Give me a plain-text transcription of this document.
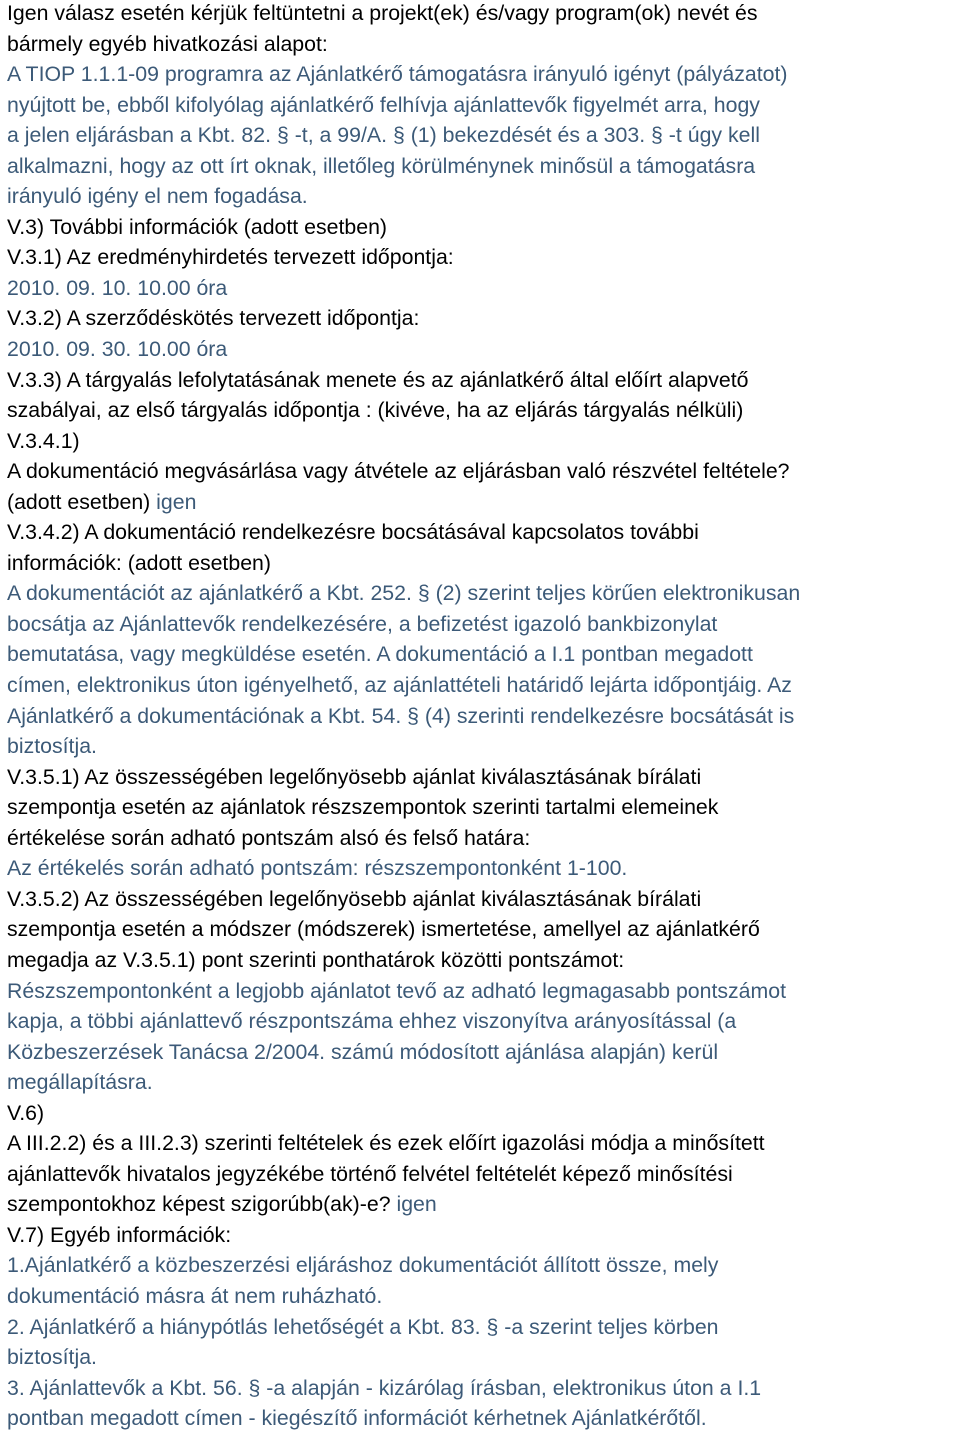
Igen válasz esetén kérjük feltüntetni a projekt(ek) és/vagy program(ok) nevét és
bármely egyéb hivatkozási alapot:
A TIOP 1.1.1-09 programra az Ajánlatkérő támogatásra irányuló igényt (pályázatot)
nyújtott be, ebből kifolyólag ajánlatkérő felhívja ajánlattevők figyelmét arra, hogy
a jelen eljárásban a Kbt. 82. § -t, a 99/A. § (1) bekezdését és a 303. § -t úgy kell
alkalmazni, hogy az ott írt oknak, illetőleg körülménynek minősül a támogatásra
irányuló igény el nem fogadása.
V.3) További információk (adott esetben)
V.3.1) Az eredményhirdetés tervezett időpontja:
2010. 09. 10. 10.00 óra
V.3.2) A szerződéskötés tervezett időpontja:
2010. 09. 30. 10.00 óra
V.3.3) A tárgyalás lefolytatásának menete és az ajánlatkérő által előírt alapvető
szabályai, az első tárgyalás időpontja : (kivéve, ha az eljárás tárgyalás nélküli)
V.3.4.1)
A dokumentáció megvásárlása vagy átvétele az eljárásban való részvétel feltétele?
(adott esetben) igen
V.3.4.2) A dokumentáció rendelkezésre bocsátásával kapcsolatos további
információk: (adott esetben)
A dokumentációt az ajánlatkérő a Kbt. 252. § (2) szerint teljes körűen elektronikusan
bocsátja az Ajánlattevők rendelkezésére, a befizetést igazoló bankbizonylat
bemutatása, vagy megküldése esetén. A dokumentáció a I.1 pontban megadott
címen, elektronikus úton igényelhető, az ajánlattételi határidő lejárta időpontjáig. Az
Ajánlatkérő a dokumentációnak a Kbt. 54. § (4) szerinti rendelkezésre bocsátását is
biztosítja.
V.3.5.1) Az összességében legelőnyösebb ajánlat kiválasztásának bírálati
szempontja esetén az ajánlatok részszempontok szerinti tartalmi elemeinek
értékelése során adható pontszám alsó és felső határa:
Az értékelés során adható pontszám: részszempontonként 1-100.
V.3.5.2) Az összességében legelőnyösebb ajánlat kiválasztásának bírálati
szempontja esetén a módszer (módszerek) ismertetése, amellyel az ajánlatkérő
megadja az V.3.5.1) pont szerinti ponthatárok közötti pontszámot:
Részszempontonként a legjobb ajánlatot tevő az adható legmagasabb pontszámot
kapja, a többi ajánlattevő részpontszáma ehhez viszonyítva arányosítással (a
Közbeszerzések Tanácsa 2/2004. számú módosított ajánlása alapján) kerül
megállapításra.
V.6)
A III.2.2) és a III.2.3) szerinti feltételek és ezek előírt igazolási módja a minősített
ajánlattevők hivatalos jegyzékébe történő felvétel feltételét képező minősítési
szempontokhoz képest szigorúbb(ak)-e? igen
V.7) Egyéb információk:
1.Ajánlatkérő a közbeszerzési eljáráshoz dokumentációt állított össze, mely
dokumentáció másra át nem ruházható.
2. Ajánlatkérő a hiánypótlás lehetőségét a Kbt. 83. § -a szerint teljes körben
biztosítja.
3. Ajánlattevők a Kbt. 56. § -a alapján - kizárólag írásban, elektronikus úton a I.1
pontban megadott címen - kiegészítő információt kérhetnek Ajánlatkérőtől.
